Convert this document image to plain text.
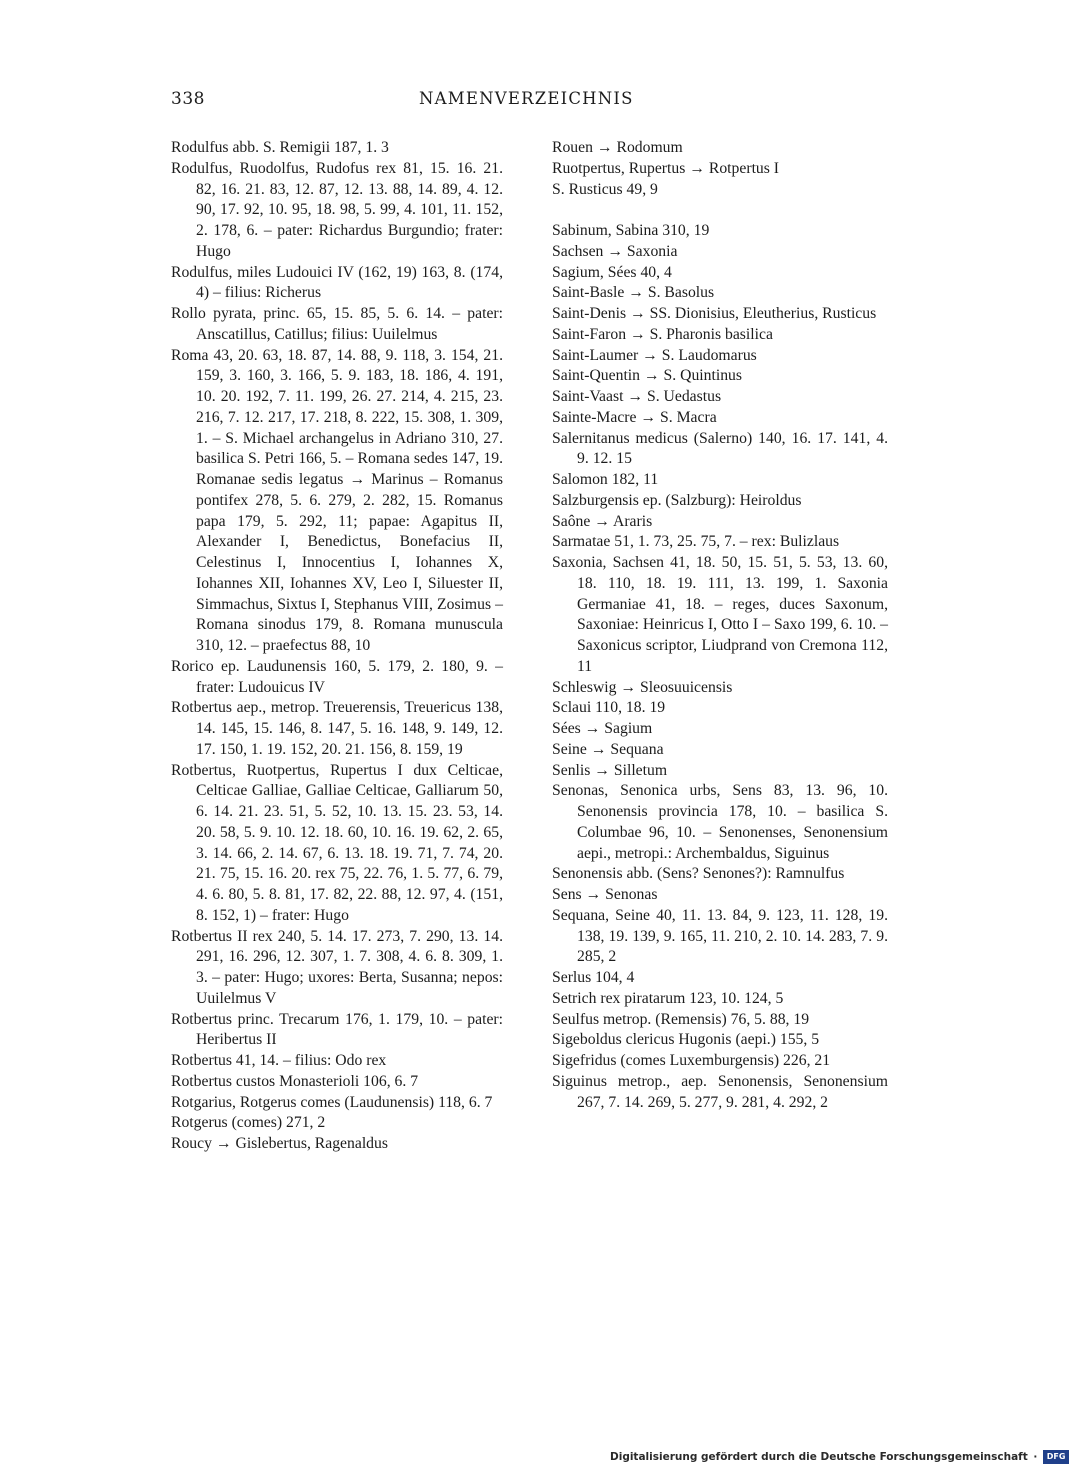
338	NAMENVERZEICHNIS

Rodulfus abb. S. Remigii 187, 1. 3

Rodulfus, Ruodolfus, Rudofus rex 81, 15. 16. 21. 82, 16. 21. 83, 12. 87, 12. 13. 88, 14. 89, 4. 12. 90, 17. 92, 10. 95, 18. 98, 5. 99, 4. 101, 11. 152, 2. 178, 6. – pater: Richardus Burgundio; frater: Hugo

Rodulfus, miles Ludouici IV (162, 19) 163, 8. (174, 4) – filius: Richerus

Rollo pyrata, princ. 65, 15. 85, 5. 6. 14. – pater: Anscatillus, Catillus; filius: Uuilelmus

Roma 43, 20. 63, 18. 87, 14. 88, 9. 118, 3. 154, 21. 159, 3. 160, 3. 166, 5. 9. 183, 18. 186, 4. 191, 10. 20. 192, 7. 11. 199, 26. 27. 214, 4. 215, 23. 216, 7. 12. 217, 17. 218, 8. 222, 15. 308, 1. 309, 1. – S. Michael archangelus in Adriano 310, 27. basilica S. Petri 166, 5. – Romana sedes 147, 19. Romanae sedis legatus → Marinus – Romanus pontifex 278, 5. 6. 279, 2. 282, 15. Romanus papa 179, 5. 292, 11; papae: Agapitus II, Alexander I, Benedictus, Bonefacius II, Celestinus I, Innocentius I, Iohannes X, Iohannes XII, Iohannes XV, Leo I, Siluester II, Simmachus, Sixtus I, Stephanus VIII, Zosimus – Romana sinodus 179, 8. Romana munuscula 310, 12. – praefectus 88, 10

Rorico ep. Laudunensis 160, 5. 179, 2. 180, 9. – frater: Ludouicus IV

Rotbertus aep., metrop. Treuerensis, Treuericus 138, 14. 145, 15. 146, 8. 147, 5. 16. 148, 9. 149, 12. 17. 150, 1. 19. 152, 20. 21. 156, 8. 159, 19

Rotbertus, Ruotpertus, Rupertus I dux Celticae, Celticae Galliae, Galliae Celticae, Galliarum 50, 6. 14. 21. 23. 51, 5. 52, 10. 13. 15. 23. 53, 14. 20. 58, 5. 9. 10. 12. 18. 60, 10. 16. 19. 62, 2. 65, 3. 14. 66, 2. 14. 67, 6. 13. 18. 19. 71, 7. 74, 20. 21. 75, 15. 16. 20. rex 75, 22. 76, 1. 5. 77, 6. 79, 4. 6. 80, 5. 8. 81, 17. 82, 22. 88, 12. 97, 4. (151, 8. 152, 1) – frater: Hugo

Rotbertus II rex 240, 5. 14. 17. 273, 7. 290, 13. 14. 291, 16. 296, 12. 307, 1. 7. 308, 4. 6. 8. 309, 1. 3. – pater: Hugo; uxores: Berta, Susanna; nepos: Uuilelmus V

Rotbertus princ. Trecarum 176, 1. 179, 10. – pater: Heribertus II

Rotbertus 41, 14. – filius: Odo rex

Rotbertus custos Monasterioli 106, 6. 7

Rotgarius, Rotgerus comes (Laudunensis) 118, 6. 7

Rotgerus (comes) 271, 2

Roucy → Gislebertus, Ragenaldus

Rouen → Rodomum

Ruotpertus, Rupertus → Rotpertus I

S. Rusticus 49, 9

Sabinum, Sabina 310, 19

Sachsen → Saxonia

Sagium, Sées 40, 4

Saint-Basle → S. Basolus

Saint-Denis → SS. Dionisius, Eleutherius, Rusticus

Saint-Faron → S. Pharonis basilica

Saint-Laumer → S. Laudomarus

Saint-Quentin → S. Quintinus

Saint-Vaast → S. Uedastus

Sainte-Macre → S. Macra

Salernitanus medicus (Salerno) 140, 16. 17. 141, 4. 9. 12. 15

Salomon 182, 11

Salzburgensis ep. (Salzburg): Heiroldus

Saône → Araris

Sarmatae 51, 1. 73, 25. 75, 7. – rex: Bulizlaus

Saxonia, Sachsen 41, 18. 50, 15. 51, 5. 53, 13. 60, 18. 110, 18. 19. 111, 13. 199, 1. Saxonia Germaniae 41, 18. – reges, duces Saxonum, Saxoniae: Heinricus I, Otto I – Saxo 199, 6. 10. – Saxonicus scriptor, Liudprand von Cremona 112, 11

Schleswig → Sleosuuicensis

Sclaui 110, 18. 19

Sées → Sagium

Seine → Sequana

Senlis → Silletum

Senonas, Senonica urbs, Sens 83, 13. 96, 10. Senonensis provincia 178, 10. – basilica S. Columbae 96, 10. – Senonenses, Senonensium aepi., metropi.: Archembaldus, Siguinus

Senonensis abb. (Sens? Senones?): Ramnulfus

Sens → Senonas

Sequana, Seine 40, 11. 13. 84, 9. 123, 11. 128, 19. 138, 19. 139, 9. 165, 11. 210, 2. 10. 14. 283, 7. 9. 285, 2

Serlus 104, 4

Setrich rex piratarum 123, 10. 124, 5

Seulfus metrop. (Remensis) 76, 5. 88, 19

Sigeboldus clericus Hugonis (aepi.) 155, 5

Sigefridus (comes Luxemburgensis) 226, 21

Siguinus metrop., aep. Senonensis, Senonensium 267, 7. 14. 269, 5. 277, 9. 281, 4. 292, 2

Digitalisierung gefördert durch die Deutsche Forschungsgemeinschaft · DFG
